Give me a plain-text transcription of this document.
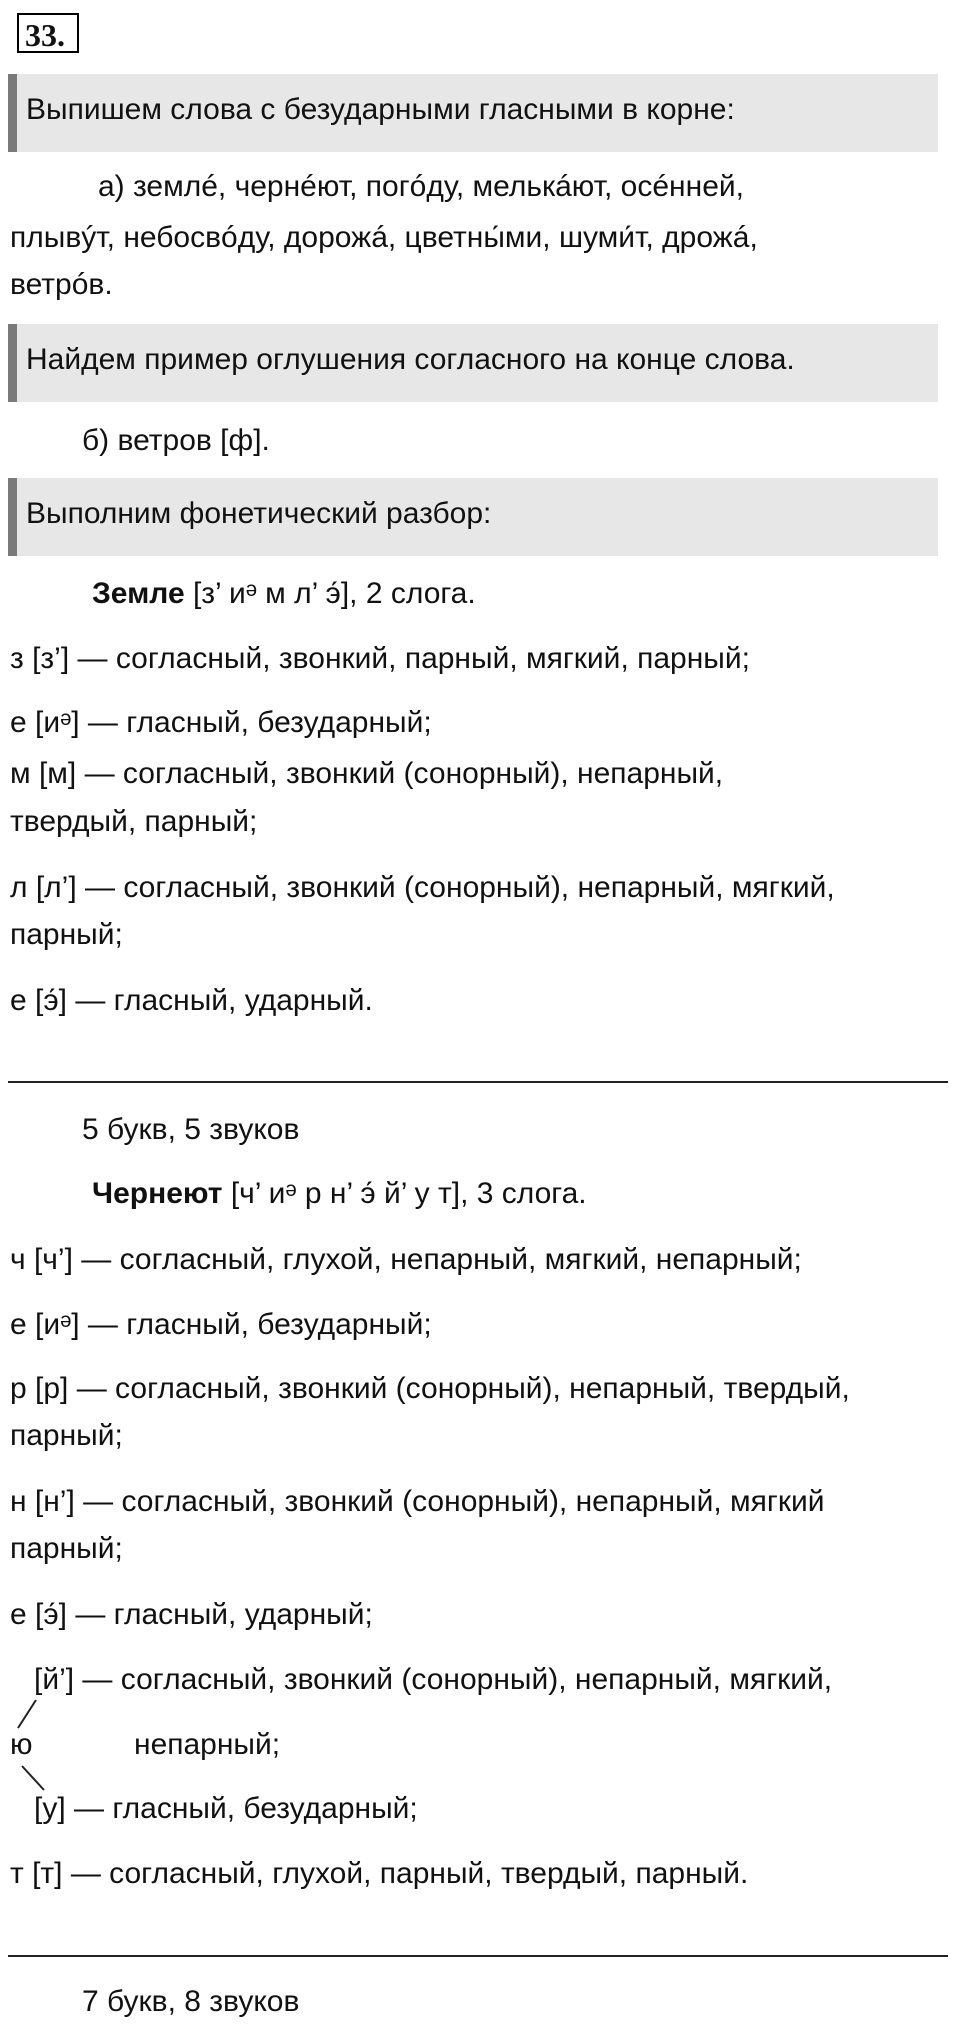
33.
Выпишем слова с безударными гласными в корне:
а) землé, чернéют, погóду, мелькáют, осéнней,
плывýт, небосвóду, дорожá, цветны́ми, шуми́т, дрожá,
ветрóв.
Найдем пример оглушения согласного на конце слова.
б) ветров [ф].
Выполним фонетический разбор:
Земле [з’ иᵊ м л’ э́], 2 слога.
з [з’] — согласный, звонкий, парный, мягкий, парный;
е [иᵊ] — гласный, безударный;
м [м] — согласный, звонкий (сонорный), непарный,
твердый, парный;
л [л’] — согласный, звонкий (сонорный), непарный, мягкий,
парный;
е [э́] — гласный, ударный.
5 букв, 5 звуков
Чернеют [ч’ иᵊ р н’ э́ й’ у т], 3 слога.
ч [ч’] — согласный, глухой, непарный, мягкий, непарный;
е [иᵊ] — гласный, безударный;
р [р] — согласный, звонкий (сонорный), непарный, твердый,
парный;
н [н’] — согласный, звонкий (сонорный), непарный, мягкий
парный;
е [э́] — гласный, ударный;
[й’] — согласный, звонкий (сонорный), непарный, мягкий,
ю	непарный;
[у] — гласный, безударный;
т [т] — согласный, глухой, парный, твердый, парный.
7 букв, 8 звуков
